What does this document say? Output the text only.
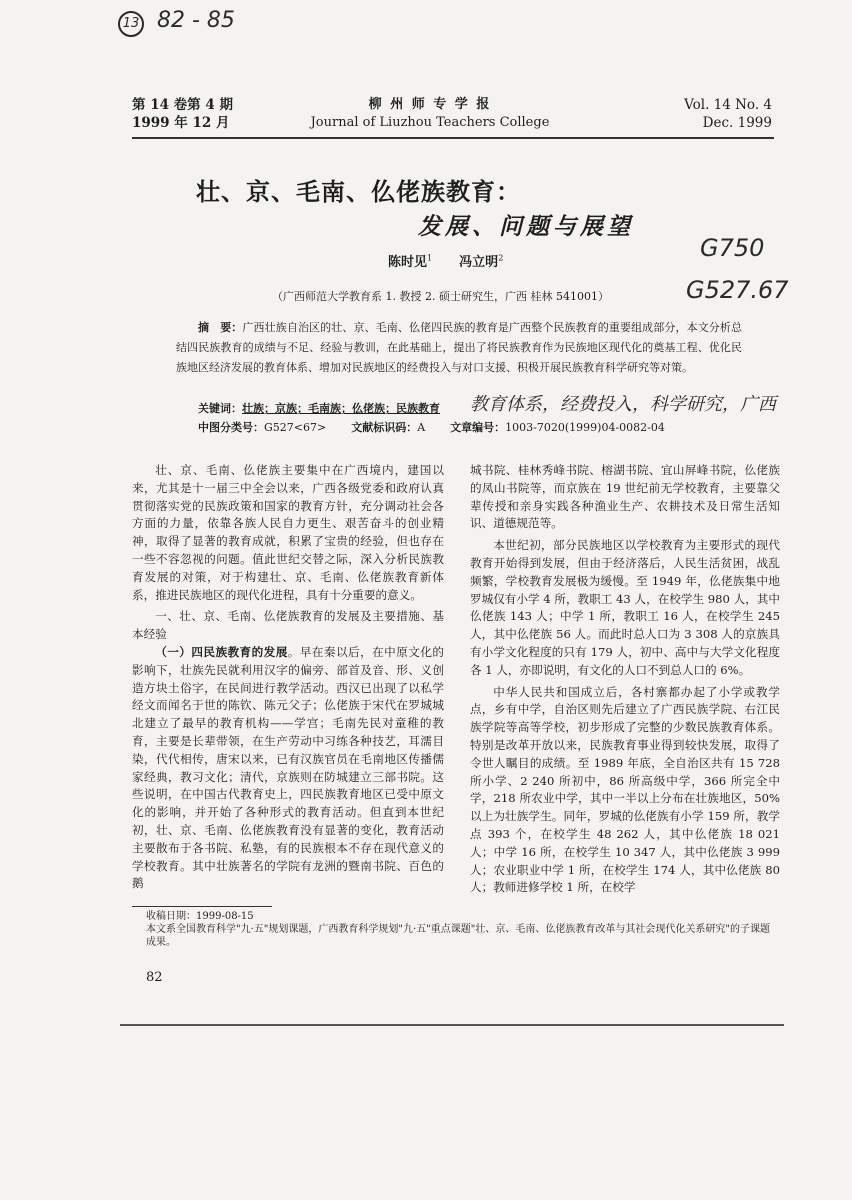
13 82 - 85
G750
G527.67
第 14 卷第 4 期
1999 年 12 月
柳 州 师 专 学 报
Journal of Liuzhou Teachers College
Vol. 14 No. 4
Dec. 1999
壮、京、毛南、仫佬族教育：
发展、问题与展望
陈时见$^1$ 冯立明$^2$
（广西师范大学教育系 1. 教授 2. 硕士研究生，广西 桂林 541001）
摘　要：广西壮族自治区的壮、京、毛南、仫佬四民族的教育是广西整个民族教育的重要组成部分，本文分析总结四民族教育的成绩与不足、经验与教训，在此基础上，提出了将民族教育作为民族地区现代化的奠基工程、优化民族地区经济发展的教育体系、增加对民族地区的经费投入与对口支援、积极开展民族教育科学研究等对策。
关键词：壮族；京族；毛南族；仫佬族；民族教育 教育体系，经费投入，科学研究，广西
中图分类号：G527<67> 文献标识码：A 文章编号：1003-7020(1999)04-0082-04

壮、京、毛南、仫佬族主要集中在广西境内，建国以来，尤其是十一届三中全会以来，广西各级党委和政府认真贯彻落实党的民族政策和国家的教育方针，充分调动社会各方面的力量，依靠各族人民自力更生、艰苦奋斗的创业精神，取得了显著的教育成就，积累了宝贵的经验，但也存在一些不容忽视的问题。值此世纪交替之际，深入分析民族教育发展的对策，对于构建壮、京、毛南、仫佬族教育新体系，推进民族地区的现代化进程，具有十分重要的意义。

一、壮、京、毛南、仫佬族教育的发展及主要措施、基本经验

（一）四民族教育的发展。早在秦以后，在中原文化的影响下，壮族先民就利用汉字的偏旁、部首及音、形、义创造方块土俗字，在民间进行教学活动。西汉已出现了以私学经文而闻名于世的陈钦、陈元父子；仫佬族于宋代在罗城城北建立了最早的教育机构——学宫；毛南先民对童稚的教育，主要是长辈带领，在生产劳动中习练各种技艺，耳濡目染，代代相传，唐宋以来，已有汉族官员在毛南地区传播儒家经典，教习文化；清代，京族则在防城建立三部书院。这些说明，在中国古代教育史上，四民族教育地区已受中原文化的影响，并开始了各种形式的教育活动。但直到本世纪初，壮、京、毛南、仫佬族教育没有显著的变化，教育活动主要散布于各书院、私塾，有的民族根本不存在现代意义的学校教育。其中壮族著名的学院有龙洲的暨南书院、百色的鹅

城书院、桂林秀峰书院、榕湖书院、宜山屏峰书院，仫佬族的凤山书院等，而京族在 19 世纪前无学校教育，主要靠父辈传授和亲身实践各种渔业生产、农耕技术及日常生活知识、道德规范等。

本世纪初，部分民族地区以学校教育为主要形式的现代教育开始得到发展，但由于经济落后，人民生活贫困，战乱频繁，学校教育发展极为缓慢。至 1949 年，仫佬族集中地罗城仅有小学 4 所，教职工 43 人，在校学生 980 人，其中仫佬族 143 人；中学 1 所，教职工 16 人，在校学生 245 人，其中仫佬族 56 人。而此时总人口为 3 308 人的京族具有小学文化程度的只有 179 人，初中、高中与大学文化程度各 1 人，亦即说明，有文化的人口不到总人口的 6%。

中华人民共和国成立后，各村寨都办起了小学或教学点，乡有中学，自治区则先后建立了广西民族学院、右江民族学院等高等学校，初步形成了完整的少数民族教育体系。特别是改革开放以来，民族教育事业得到较快发展，取得了令世人瞩目的成绩。至 1989 年底，全自治区共有 15 728 所小学、2 240 所初中，86 所高级中学，366 所完全中学，218 所农业中学，其中一半以上分布在壮族地区，50% 以上为壮族学生。同年，罗城的仫佬族有小学 159 所，教学点 393 个，在校学生 48 262 人，其中仫佬族 18 021 人；中学 16 所，在校学生 10 347 人，其中仫佬族 3 999 人；农业职业中学 1 所，在校学生 174 人，其中仫佬族 80 人；教师进修学校 1 所，在校学

收稿日期：1999-08-15
本文系全国教育科学"九·五"规划课题，广西教育科学规划"九·五"重点课题"壮、京、毛南、仫佬族教育改革与其社会现代化关系研究"的子课题成果。
82
